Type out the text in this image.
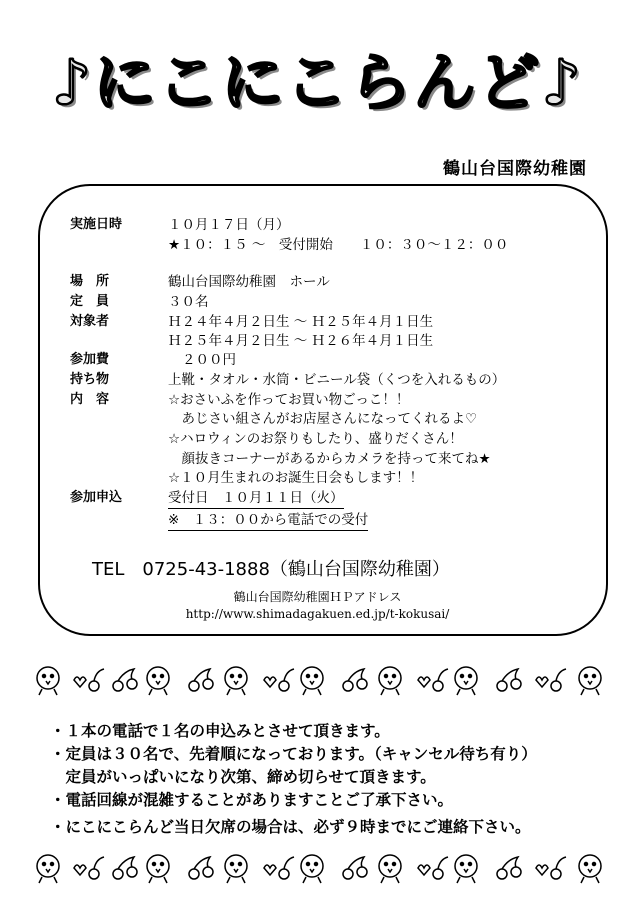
♪にこにこらんど♪
鶴山台国際幼稚園
実施日時	１０月１７日（月）
★１０：１５ ～　受付開始　　１０：３０～１２：００
場　所	鶴山台国際幼稚園　ホール
定　員	３０名
対象者	Ｈ２４年４月２日生 ～ Ｈ２５年４月１日生
Ｈ２５年４月２日生 ～ Ｈ２６年４月１日生
参加費	２００円
持ち物	上靴・タオル・水筒・ビニール袋（くつを入れるもの）
内　容	☆おさいふを作ってお買い物ごっこ！！
　あじさい組さんがお店屋さんになってくれるよ♡
☆ハロウィンのお祭りもしたり、盛りだくさん！
　顔抜きコーナーがあるからカメラを持って来てね★
☆１０月生まれのお誕生日会もします！！
参加申込	受付日　１０月１１日（火）
※　１３：００から電話での受付
TEL　0725-43-1888（鶴山台国際幼稚園）
鶴山台国際幼稚園ＨＰアドレス
http://www.shimadagakuen.ed.jp/t-kokusai/
・１本の電話で１名の申込みとさせて頂きます。
・定員は３０名で、先着順になっております。（キャンセル待ち有り）
　定員がいっぱいになり次第、締め切らせて頂きます。
・電話回線が混雑することがありますことご了承下さい。
・にこにこらんど当日欠席の場合は、必ず９時までにご連絡下さい。
